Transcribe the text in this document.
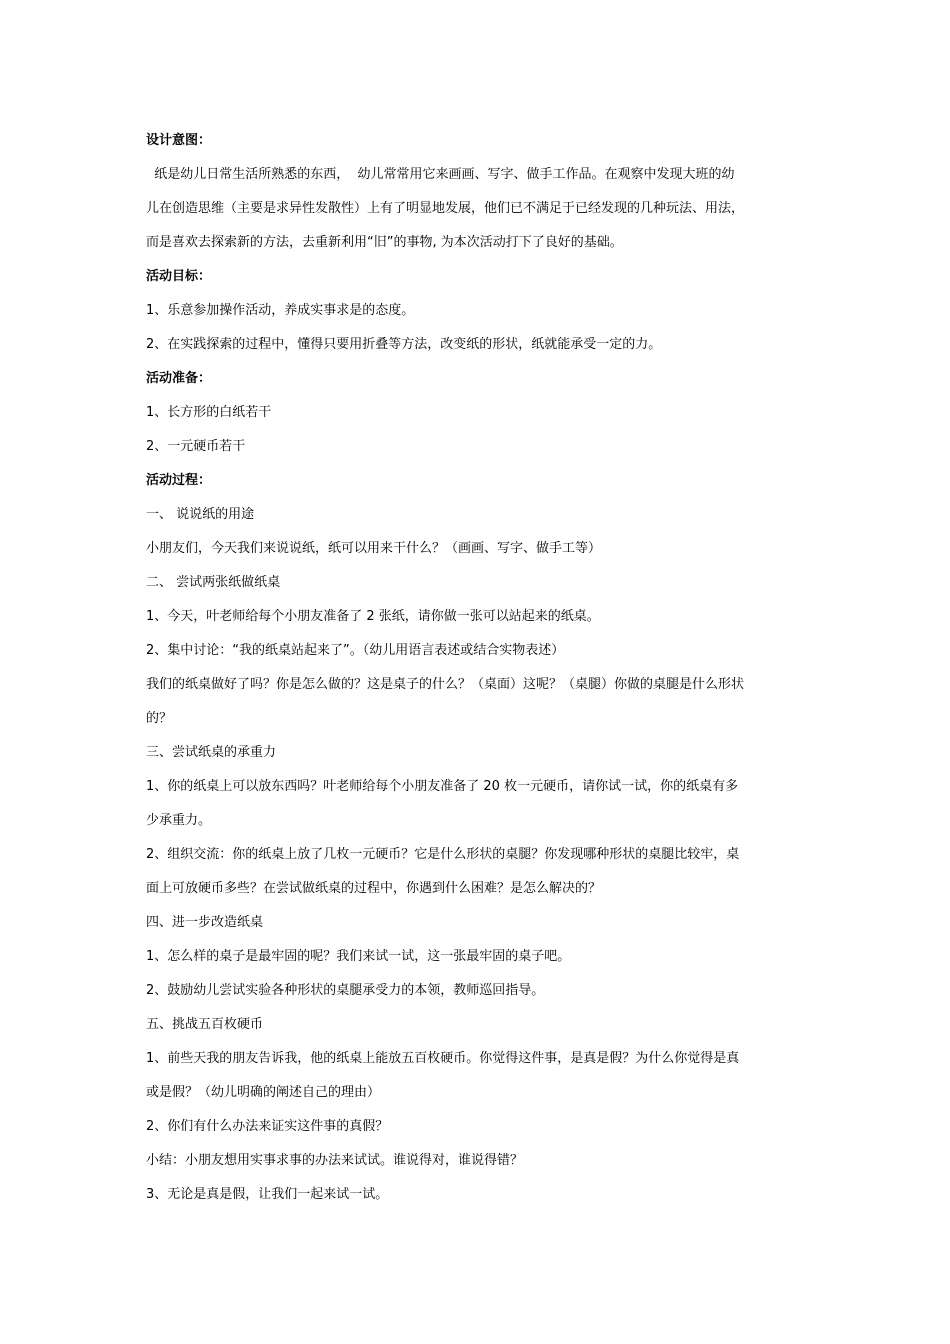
设计意图：
纸是幼儿日常生活所熟悉的东西，  幼儿常常用它来画画、写字、做手工作品。在观察中发现大班的幼
儿在创造思维（主要是求异性发散性）上有了明显地发展，他们已不满足于已经发现的几种玩法、用法，
而是喜欢去探索新的方法，去重新利用“旧”的事物, 为本次活动打下了良好的基础。
活动目标：
1、乐意参加操作活动，养成实事求是的态度。
2、在实践探索的过程中，懂得只要用折叠等方法，改变纸的形状，纸就能承受一定的力。
活动准备：
1、长方形的白纸若干
2、一元硬币若干
活动过程：
一、 说说纸的用途
小朋友们，今天我们来说说纸，纸可以用来干什么？（画画、写字、做手工等）
二、 尝试两张纸做纸桌
1、今天，叶老师给每个小朋友准备了 2 张纸，请你做一张可以站起来的纸桌。
2、集中讨论：“我的纸桌站起来了”。（幼儿用语言表述或结合实物表述）
我们的纸桌做好了吗？你是怎么做的？这是桌子的什么？（桌面）这呢？（桌腿）你做的桌腿是什么形状
的？
三、尝试纸桌的承重力
1、你的纸桌上可以放东西吗？叶老师给每个小朋友准备了 20 枚一元硬币，请你试一试，你的纸桌有多
少承重力。
2、组织交流：你的纸桌上放了几枚一元硬币？它是什么形状的桌腿？你发现哪种形状的桌腿比较牢，桌
面上可放硬币多些？在尝试做纸桌的过程中，你遇到什么困难？是怎么解决的？
四、进一步改造纸桌
1、怎么样的桌子是最牢固的呢？我们来试一试，这一张最牢固的桌子吧。
2、鼓励幼儿尝试实验各种形状的桌腿承受力的本领，教师巡回指导。
五、挑战五百枚硬币
1、前些天我的朋友告诉我，他的纸桌上能放五百枚硬币。你觉得这件事，是真是假？为什么你觉得是真
或是假？（幼儿明确的阐述自己的理由）
2、你们有什么办法来证实这件事的真假？
小结：小朋友想用实事求事的办法来试试。谁说得对，谁说得错？
3、无论是真是假，让我们一起来试一试。
